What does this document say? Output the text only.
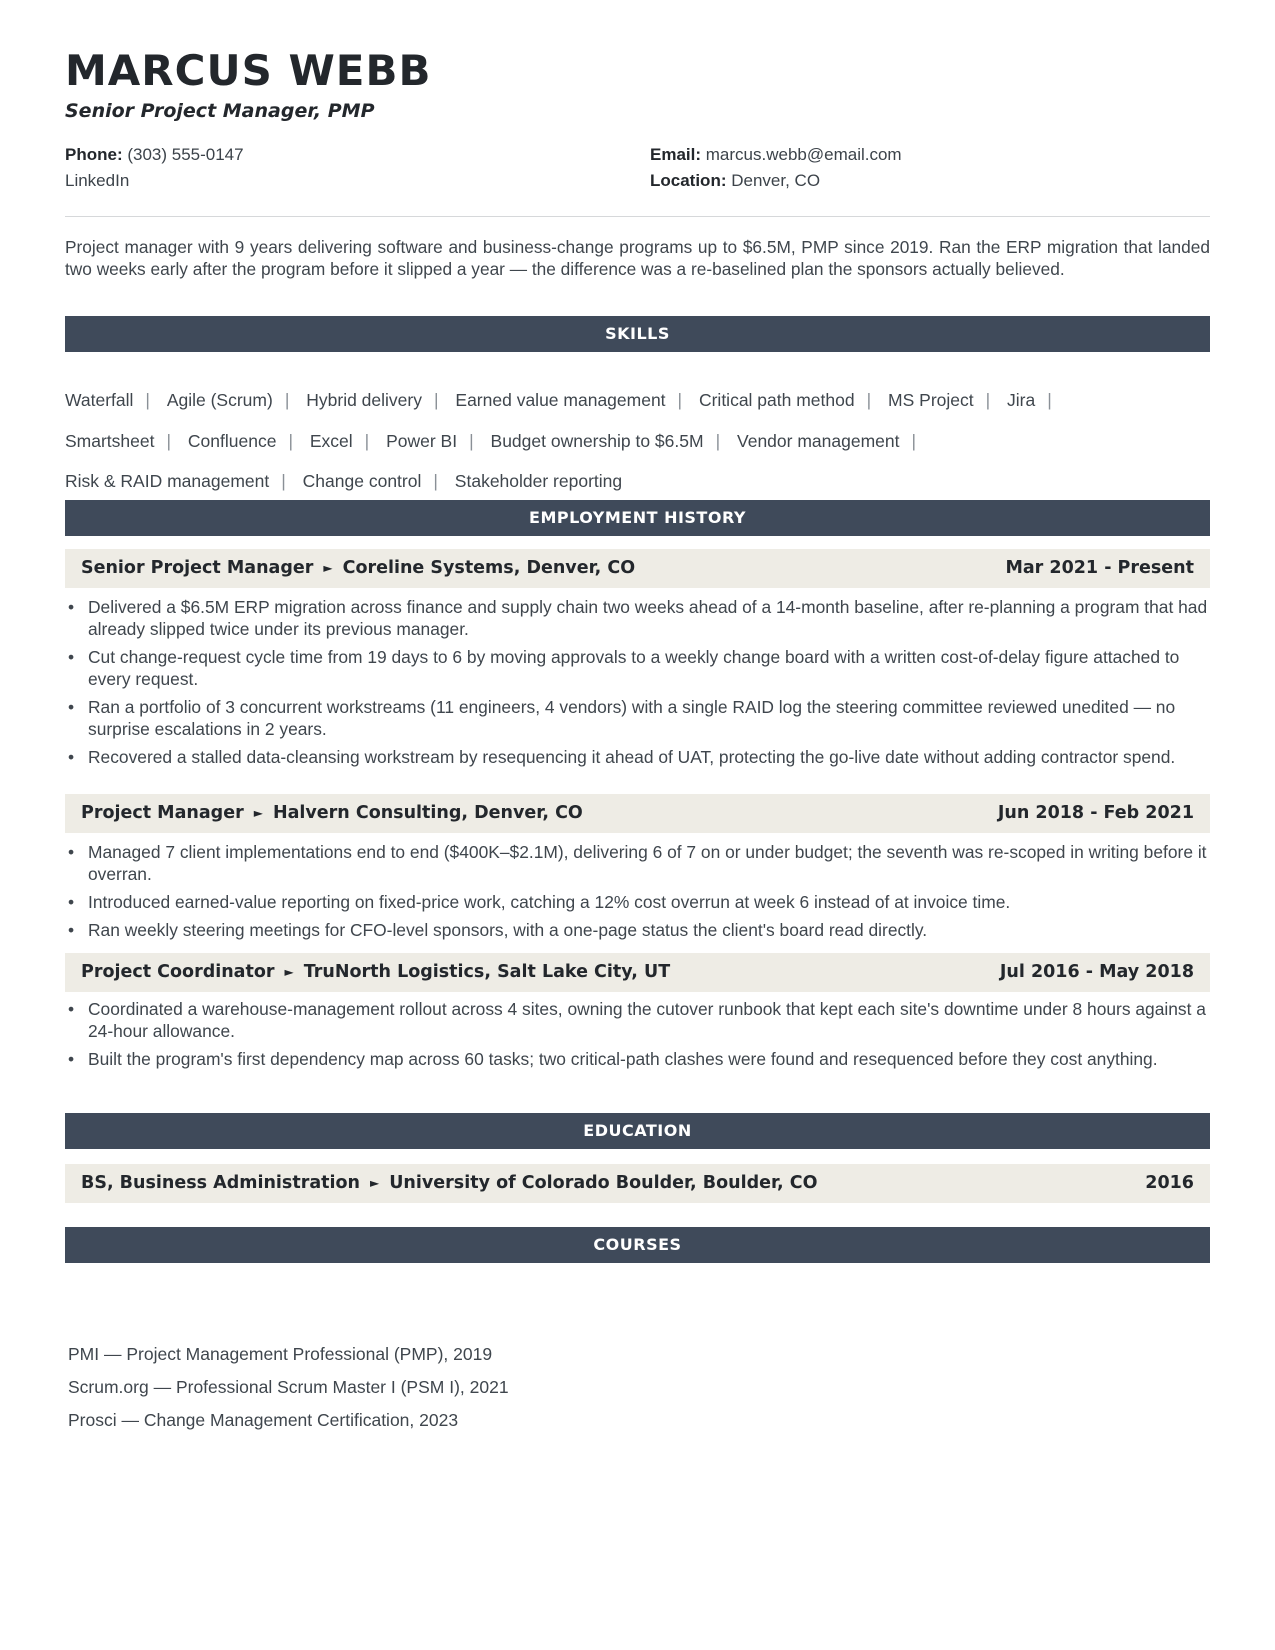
MARCUS WEBB
Senior Project Manager, PMP
Phone: (303) 555-0147
LinkedIn
Email: marcus.webb@email.com
Location: Denver, CO
Project manager with 9 years delivering software and business-change programs up to $6.5M, PMP since 2019. Ran the ERP migration that landed two weeks early after the program before it slipped a year — the difference was a re-baselined plan the sponsors actually believed.
SKILLS
Waterfall | Agile (Scrum) | Hybrid delivery | Earned value management | Critical path method | MS Project | Jira |
Smartsheet | Confluence | Excel | Power BI | Budget ownership to $6.5M | Vendor management |
Risk & RAID management | Change control | Stakeholder reporting
EMPLOYMENT HISTORY
Senior Project Manager ► Coreline Systems, Denver, CO	Mar 2021 - Present
• Delivered a $6.5M ERP migration across finance and supply chain two weeks ahead of a 14-month baseline, after re-planning a program that had already slipped twice under its previous manager.
• Cut change-request cycle time from 19 days to 6 by moving approvals to a weekly change board with a written cost-of-delay figure attached to every request.
• Ran a portfolio of 3 concurrent workstreams (11 engineers, 4 vendors) with a single RAID log the steering committee reviewed unedited — no surprise escalations in 2 years.
• Recovered a stalled data-cleansing workstream by resequencing it ahead of UAT, protecting the go-live date without adding contractor spend.
Project Manager ► Halvern Consulting, Denver, CO	Jun 2018 - Feb 2021
• Managed 7 client implementations end to end ($400K–$2.1M), delivering 6 of 7 on or under budget; the seventh was re-scoped in writing before it overran.
• Introduced earned-value reporting on fixed-price work, catching a 12% cost overrun at week 6 instead of at invoice time.
• Ran weekly steering meetings for CFO-level sponsors, with a one-page status the client's board read directly.
Project Coordinator ► TruNorth Logistics, Salt Lake City, UT	Jul 2016 - May 2018
• Coordinated a warehouse-management rollout across 4 sites, owning the cutover runbook that kept each site's downtime under 8 hours against a 24-hour allowance.
• Built the program's first dependency map across 60 tasks; two critical-path clashes were found and resequenced before they cost anything.
EDUCATION
BS, Business Administration ► University of Colorado Boulder, Boulder, CO	2016
COURSES
PMI — Project Management Professional (PMP), 2019
Scrum.org — Professional Scrum Master I (PSM I), 2021
Prosci — Change Management Certification, 2023
